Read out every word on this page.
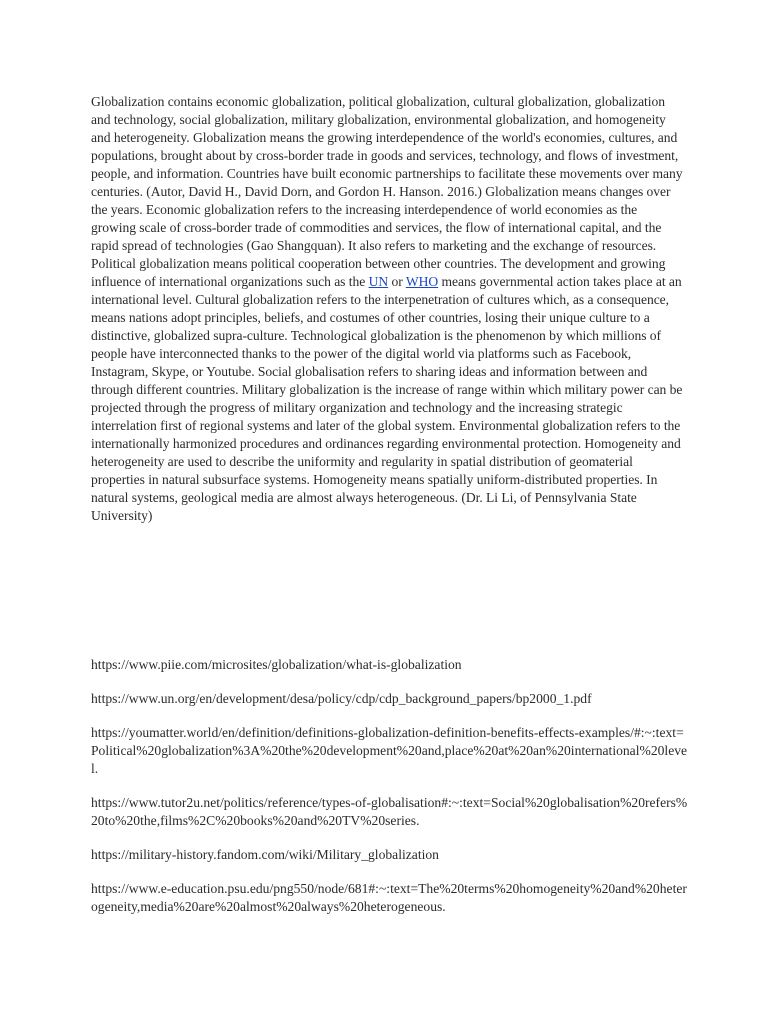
Globalization contains economic globalization, political globalization, cultural globalization, globalization and technology, social globalization, military globalization, environmental globalization, and homogeneity and heterogeneity. Globalization means the growing interdependence of the world's economies, cultures, and populations, brought about by cross-border trade in goods and services, technology, and flows of investment, people, and information. Countries have built economic partnerships to facilitate these movements over many centuries. (Autor, David H., David Dorn, and Gordon H. Hanson. 2016.) Globalization means changes over the years. Economic globalization refers to the increasing interdependence of world economies as the growing scale of cross-border trade of commodities and services, the flow of international capital, and the rapid spread of technologies (Gao Shangquan). It also refers to marketing and the exchange of resources. Political globalization means political cooperation between other countries. The development and growing influence of international organizations such as the UN or WHO means governmental action takes place at an international level. Cultural globalization refers to the interpenetration of cultures which, as a consequence, means nations adopt principles, beliefs, and costumes of other countries, losing their unique culture to a distinctive, globalized supra-culture. Technological globalization is the phenomenon by which millions of people have interconnected thanks to the power of the digital world via platforms such as Facebook, Instagram, Skype, or Youtube. Social globalisation refers to sharing ideas and information between and through different countries. Military globalization is the increase of range within which military power can be projected through the progress of military organization and technology and the increasing strategic interrelation first of regional systems and later of the global system. Environmental globalization refers to the internationally harmonized procedures and ordinances regarding environmental protection. Homogeneity and heterogeneity are used to describe the uniformity and regularity in spatial distribution of geomaterial properties in natural subsurface systems. Homogeneity means spatially uniform-distributed properties. In natural systems, geological media are almost always heterogeneous. (Dr. Li Li, of Pennsylvania State University)

https://www.piie.com/microsites/globalization/what-is-globalization

https://www.un.org/en/development/desa/policy/cdp/cdp_background_papers/bp2000_1.pdf

https://youmatter.world/en/definition/definitions-globalization-definition-benefits-effects-examples/#:~:text=Political%20globalization%3A%20the%20development%20and,place%20at%20an%20international%20level.

https://www.tutor2u.net/politics/reference/types-of-globalisation#:~:text=Social%20globalisation%20refers%20to%20the,films%2C%20books%20and%20TV%20series.

https://military-history.fandom.com/wiki/Military_globalization

https://www.e-education.psu.edu/png550/node/681#:~:text=The%20terms%20homogeneity%20and%20heterogeneity,media%20are%20almost%20always%20heterogeneous.
